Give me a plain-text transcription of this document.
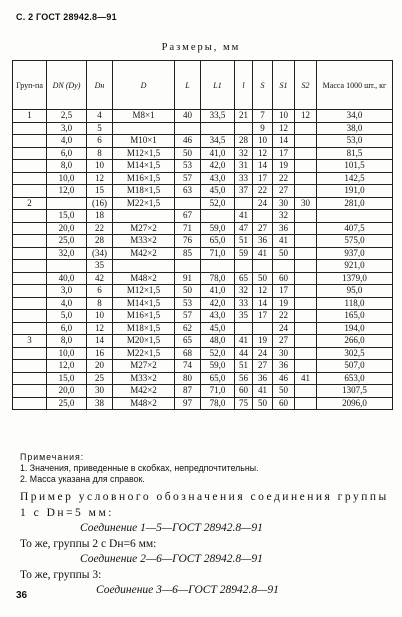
С. 2 ГОСТ 28942.8—91
Размеры, мм
Груп-па	DN (Dу)	Dн	D	L	L1	l	S	S1	S2	Масса 1000 шт., кг
1	2,5	4	M8×1	40	33,5	21	7	10	12	34,0
	3,0	5					9	12		38,0
	4,0	6	M10×1	46	34,5	28	10	14		53,0
	6,0	8	M12×1,5	50	41,0	32	12	17		81,5
	8,0	10	M14×1,5	53	42,0	31	14	19		101,5
	10,0	12	M16×1,5	57	43,0	33	17	22		142,5
	12,0	15	M18×1,5	63	45,0	37	22	27		191,0
2		(16)	M22×1,5		52,0		24	30	30	281,0
	15,0	18		67		41		32		
	20,0	22	M27×2	71	59,0	47	27	36		407,5
	25,0	28	M33×2	76	65,0	51	36	41		575,0
	32,0	(34)	M42×2	85	71,0	59	41	50		937,0
		35								921,0
	40,0	42	M48×2	91	78,0	65	50	60		1379,0
	3,0	6	M12×1,5	50	41,0	32	12	17		95,0
	4,0	8	M14×1,5	53	42,0	33	14	19		118,0
	5,0	10	M16×1,5	57	43,0	35	17	22		165,0
	6,0	12	M18×1,5	62	45,0			24		194,0
3	8,0	14	M20×1,5	65	48,0	41	19	27		266,0
	10,0	16	M22×1,5	68	52,0	44	24	30		302,5
	12,0	20	M27×2	74	59,0	51	27	36		507,0
	15,0	25	M33×2	80	65,0	56	36	46	41	653,0
	20,0	30	M42×2	87	71,0	60	41	50		1307,5
	25,0	38	M48×2	97	78,0	75	50	60		2096,0
Примечания:
1. Значения, приведенные в скобках, непредпочтительны.
2. Масса указана для справок.
Пример условного обозначения соединения группы 1 с Dн=5 мм:
Соединение 1—5—ГОСТ 28942.8—91
То же, группы 2 с Dн=6 мм:
Соединение 2—6—ГОСТ 28942.8—91
То же, группы 3:
Соединение 3—6—ГОСТ 28942.8—91
36
